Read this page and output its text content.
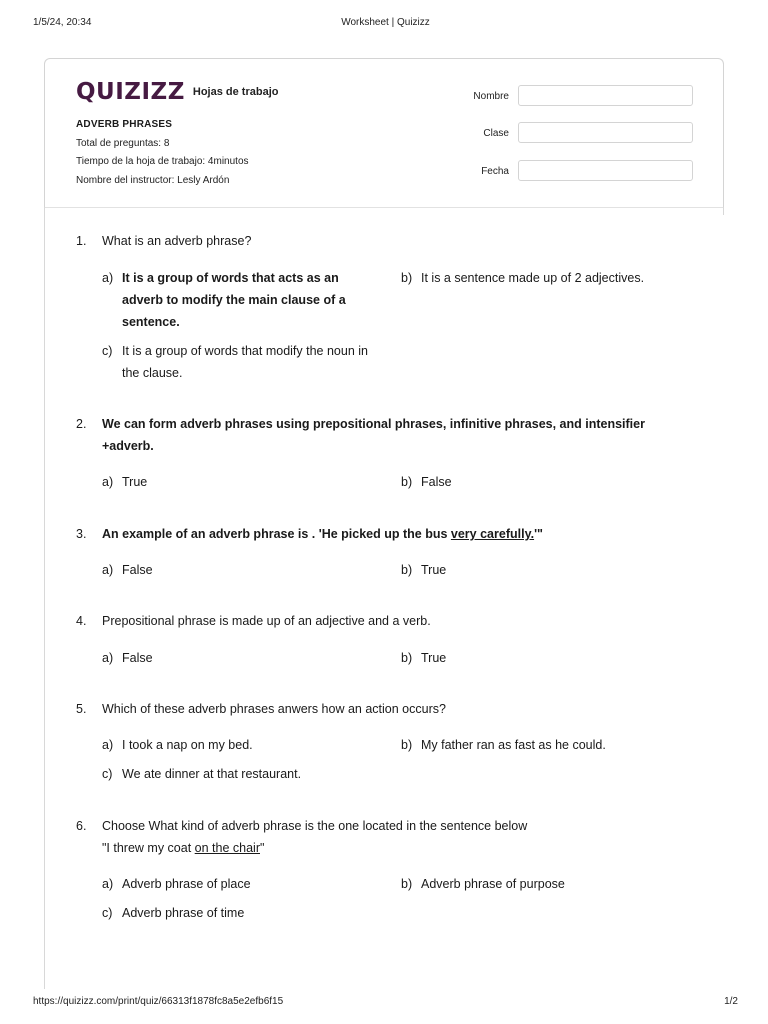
1/5/24, 20:34	Worksheet | Quizizz
QUIZIZZ Hojas de trabajo
ADVERB PHRASES
Total de preguntas: 8
Tiempo de la hoja de trabajo: 4minutos
Nombre del instructor: Lesly Ardón
Nombre
Clase
Fecha
1. What is an adverb phrase?
a) It is a group of words that acts as an
adverb to modify the main clause of a
sentence.
b) It is a sentence made up of 2 adjectives.
c) It is a group of words that modify the noun in
the clause.
2. We can form adverb phrases using prepositional phrases, infinitive phrases, and intensifier
+adverb.
a) True	b) False
3. An example of an adverb phrase is . 'He picked up the bus very carefully.'"
a) False	b) True
4. Prepositional phrase is made up of an adjective and a verb.
a) False	b) True
5. Which of these adverb phrases anwers how an action occurs?
a) I took a nap on my bed.	b) My father ran as fast as he could.
c) We ate dinner at that restaurant.
6. Choose What kind of adverb phrase is the one located in the sentence below
"I threw my coat on the chair"
a) Adverb phrase of place	b) Adverb phrase of purpose
c) Adverb phrase of time
https://quizizz.com/print/quiz/66313f1878fc8a5e2efb6f15	1/2
